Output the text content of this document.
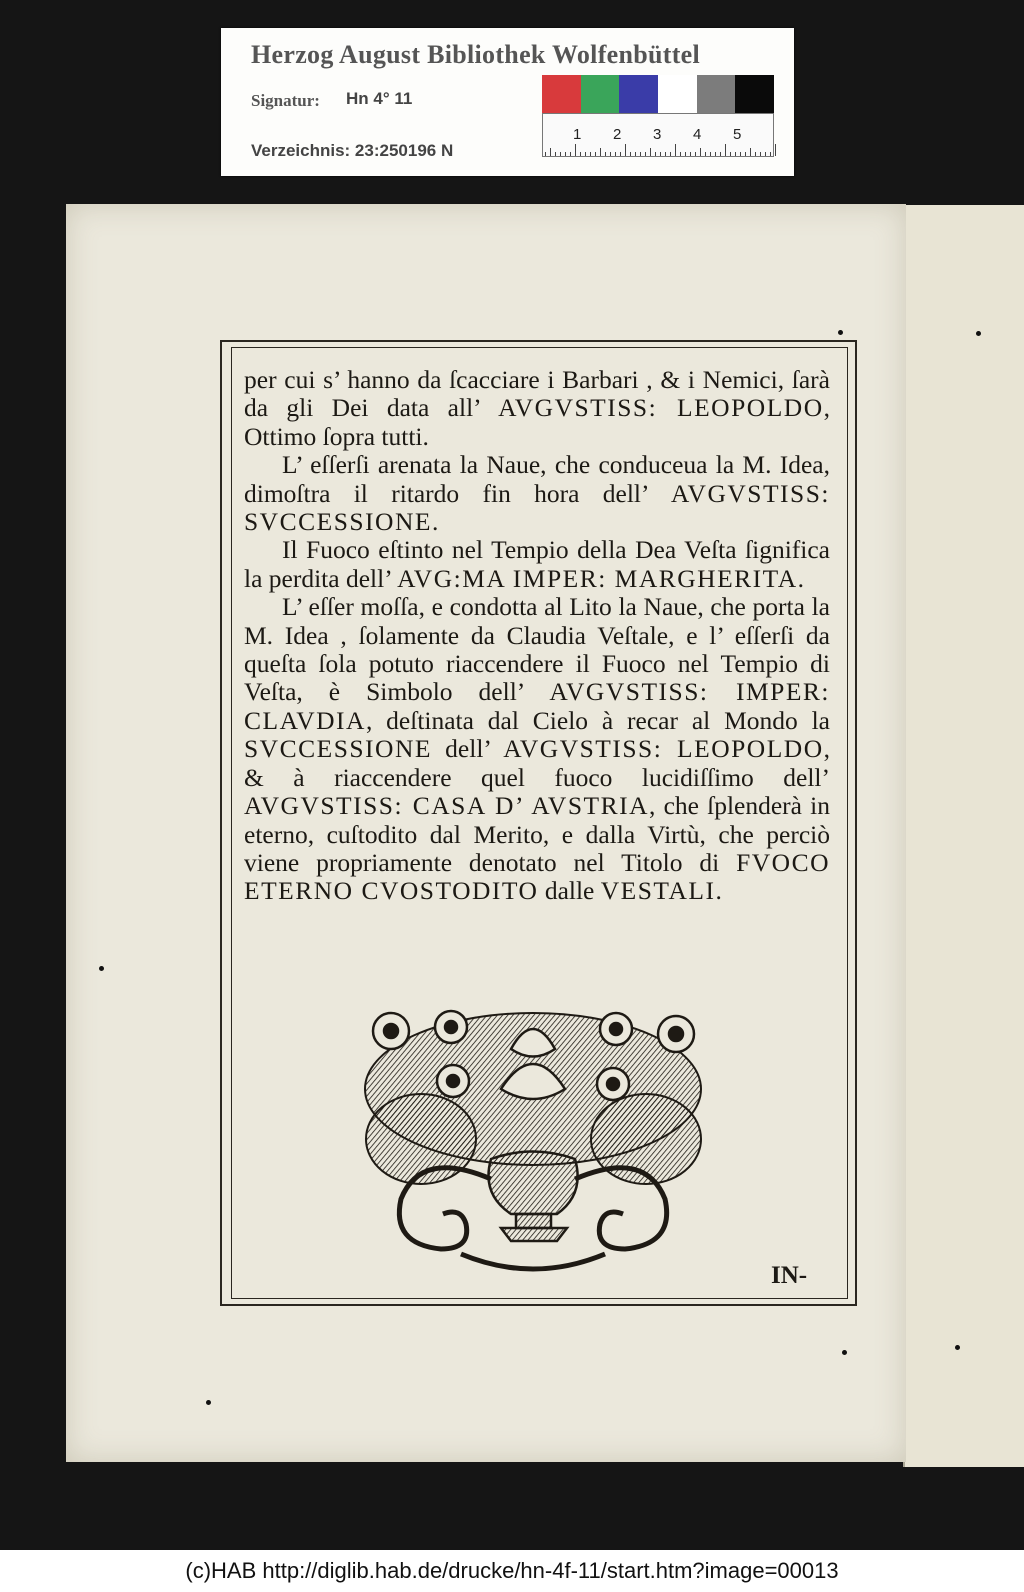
Herzog August Bibliothek Wolfenbüttel
Signatur: Hn 4° 11
Verzeichnis: 23:250196 N
1 2 3 4 5

per cui s’ hanno da ſcacciare i Barbari , & i Nemici, ſarà da gli Dei data all’ AVGVSTISS: LEOPOLDO, Ottimo ſopra tutti.

L’ eſſerſi arenata la Naue, che conduceua la M. Idea, dimoſtra il ritardo fin hora dell’ AVGVSTISS: SVCCESSIONE.

Il Fuoco eſtinto nel Tempio della Dea Veſta ſignifica la perdita dell’ AVG:MA IMPER: MARGHERITA.

L’ eſſer moſſa, e condotta al Lito la Naue, che porta la M. Idea , ſolamente da Claudia Veſtale, e l’ eſſerſi da queſta ſola potuto riaccendere il Fuoco nel Tempio di Veſta, è Simbolo dell’ AVGVSTISS: IMPER: CLAVDIA, deſtinata dal Cielo à recar al Mondo la SVCCESSIONE dell’ AVGVSTISS: LEOPOLDO, & à riaccendere quel fuoco lucidiſſimo dell’ AVGVSTISS: CASA D’ AVSTRIA, che ſplenderà in eterno, cuſtodito dal Merito, e dalla Virtù, che perciò viene propriamente denotato nel Titolo di FVOCO ETERNO CVOSTODITO dalle VESTALI.

IN-
(c)HAB http://diglib.hab.de/drucke/hn-4f-11/start.htm?image=00013
